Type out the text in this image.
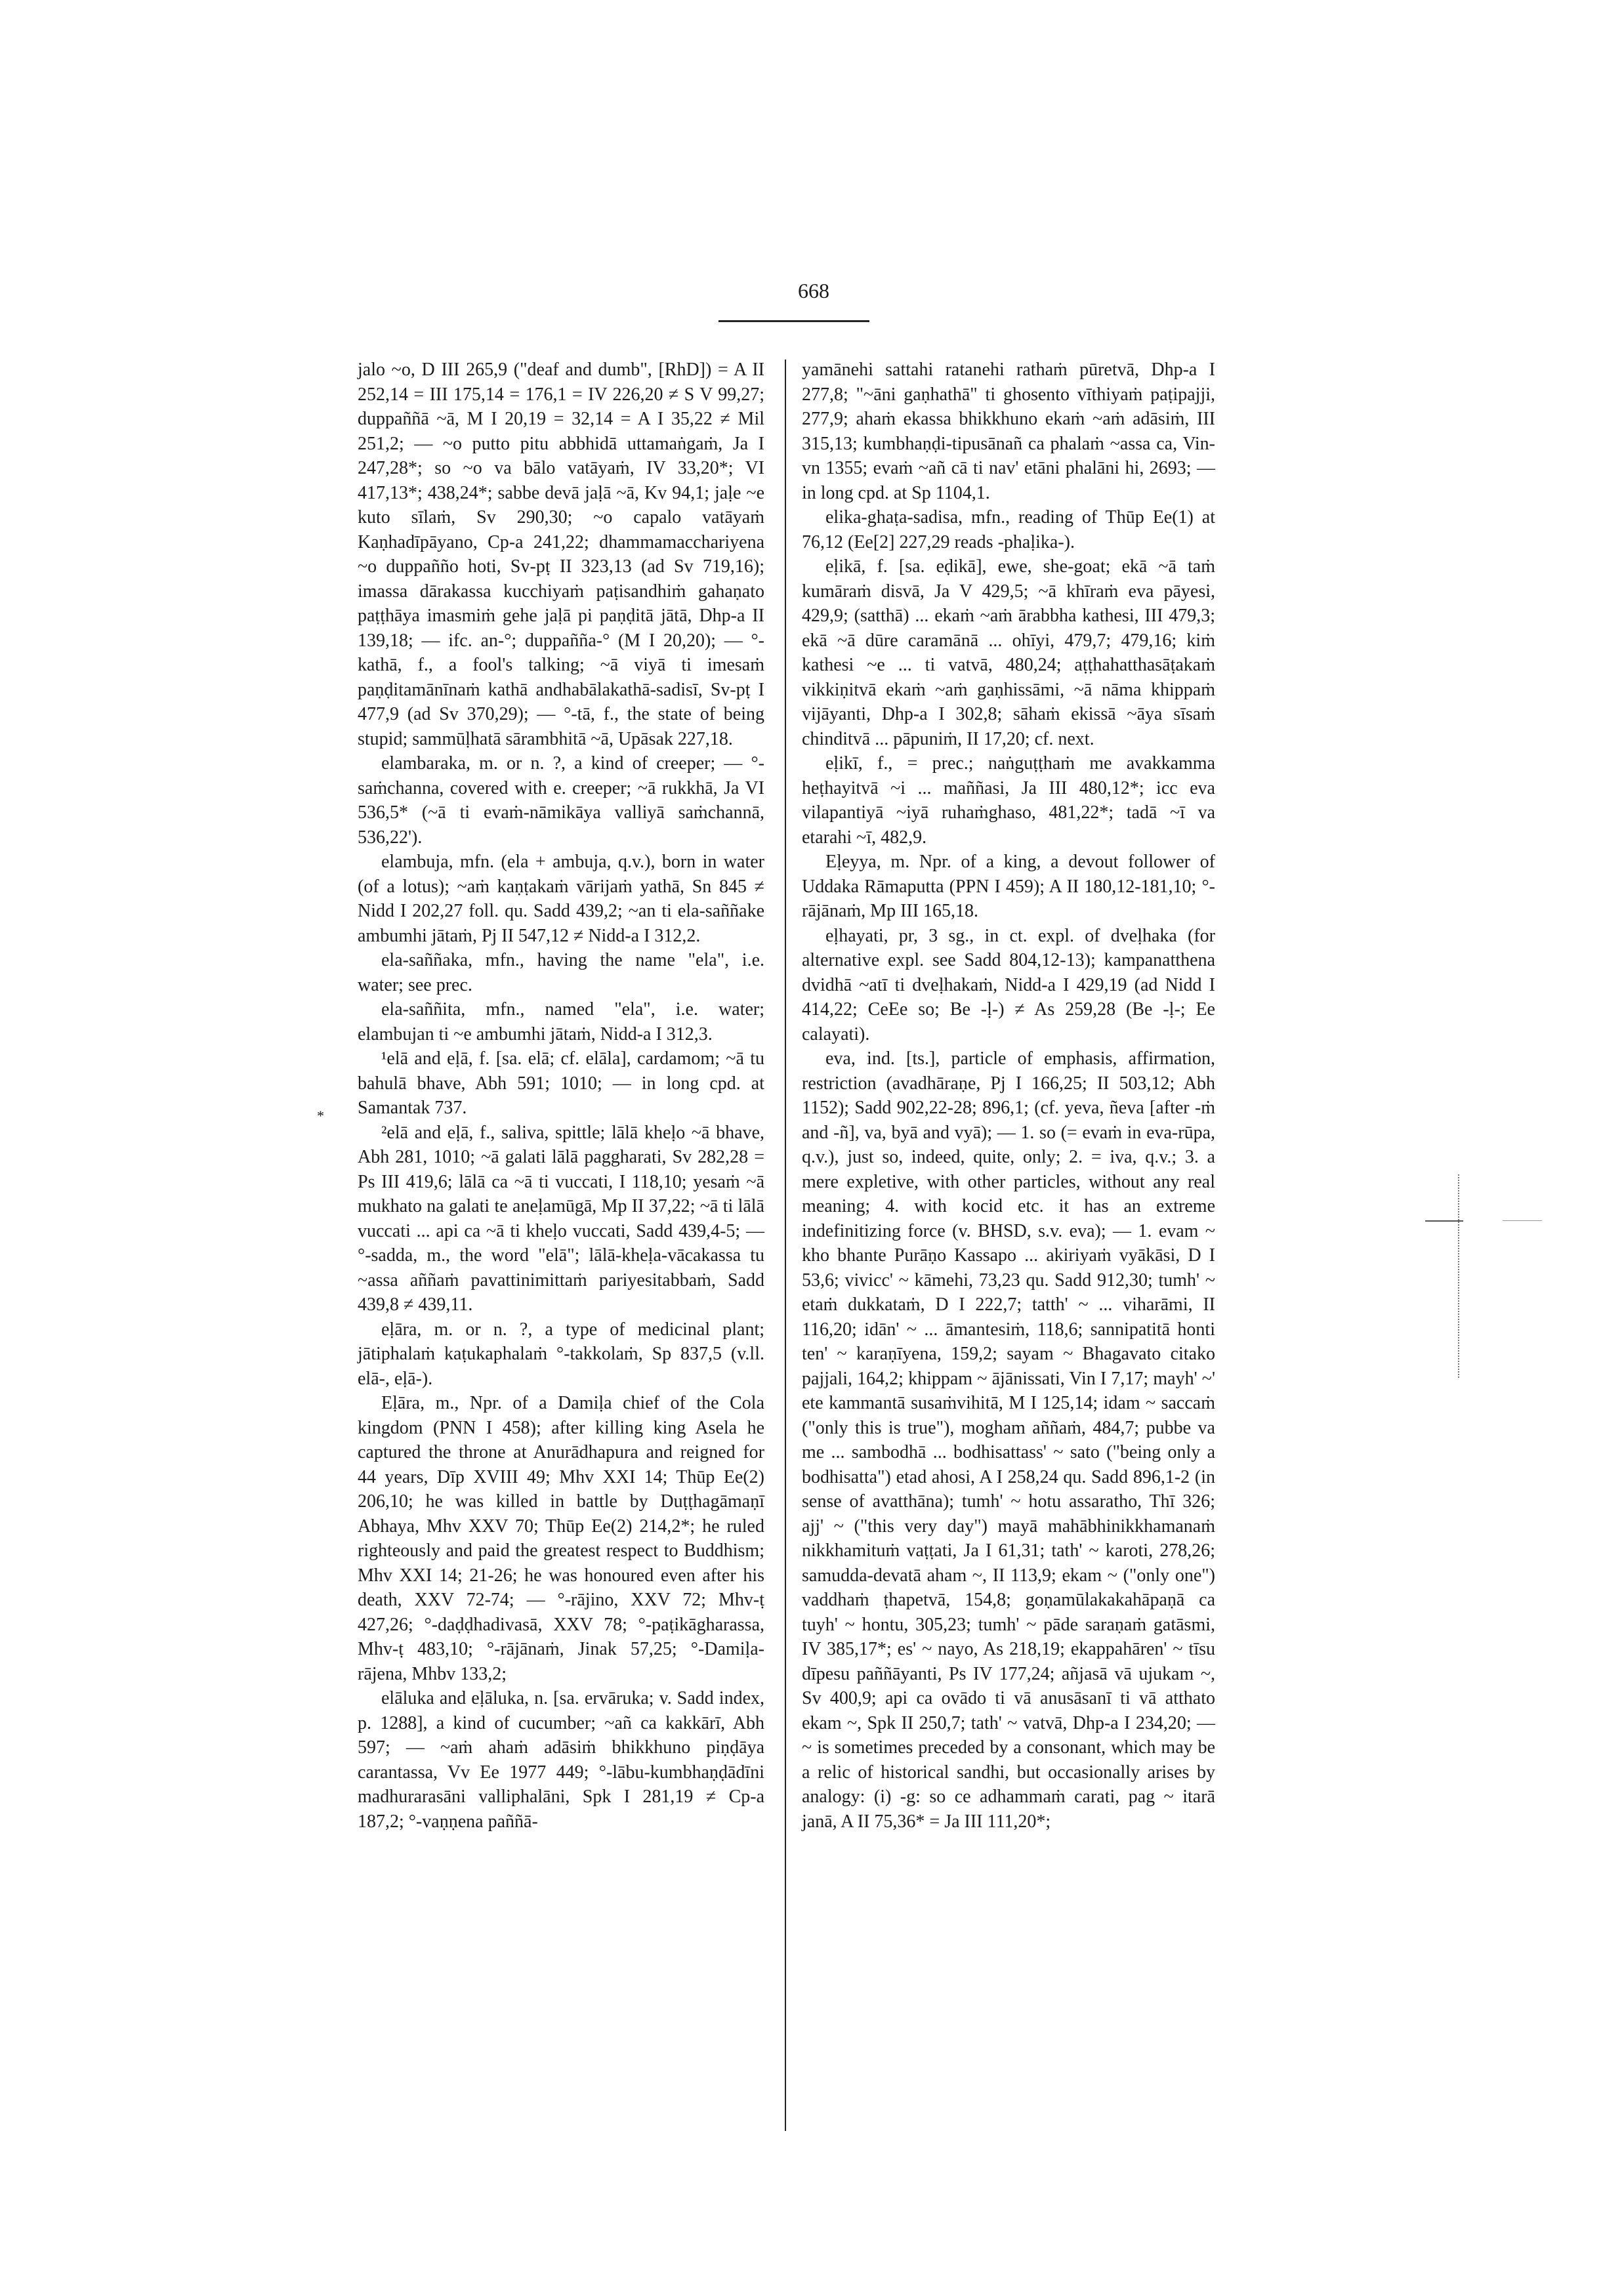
668

jalo ~o, D III 265,9 ("deaf and dumb", [RhD]) = A II 252,14 = III 175,14 = 176,1 = IV 226,20 ≠ S V 99,27; duppaññā ~ā, M I 20,19 = 32,14 = A I 35,22 ≠ Mil 251,2; — ~o putto pitu abbhidā uttamaṅgaṁ, Ja I 247,28*; so ~o va bālo vatāyaṁ, IV 33,20*; VI 417,13*; 438,24*; sabbe devā jaḷā ~ā, Kv 94,1; jaḷe ~e kuto sīlaṁ, Sv 290,30; ~o capalo vatāyaṁ Kaṇhadīpāyano, Cp-a 241,22; dhammamacchariyena ~o duppañño hoti, Sv-pṭ II 323,13 (ad Sv 719,16); imassa dārakassa kucchiyaṁ paṭisandhiṁ gahaṇato paṭṭhāya imasmiṁ gehe jaḷā pi paṇḍitā jātā, Dhp-a II 139,18; — ifc. an-°; duppañña-° (M I 20,20); — °-kathā, f., a fool's talking; ~ā viyā ti imesaṁ paṇḍitamānīnaṁ kathā andhabālakathā-sadisī, Sv-pṭ I 477,9 (ad Sv 370,29); — °-tā, f., the state of being stupid; sammūḷhatā sārambhitā ~ā, Upāsak 227,18.

elambaraka, m. or n. ?, a kind of creeper; — °-saṁchanna, covered with e. creeper; ~ā rukkhā, Ja VI 536,5* (~ā ti evaṁ-nāmikāya valliyā saṁchannā, 536,22').

elambuja, mfn. (ela + ambuja, q.v.), born in water (of a lotus); ~aṁ kaṇṭakaṁ vārijaṁ yathā, Sn 845 ≠ Nidd I 202,27 foll. qu. Sadd 439,2; ~an ti ela-saññake ambumhi jātaṁ, Pj II 547,12 ≠ Nidd-a I 312,2.

ela-saññaka, mfn., having the name "ela", i.e. water; see prec.

ela-saññita, mfn., named "ela", i.e. water; elambujan ti ~e ambumhi jātaṁ, Nidd-a I 312,3.

¹elā and eḷā, f. [sa. elā; cf. elāla], cardamom; ~ā tu bahulā bhave, Abh 591; 1010; — in long cpd. at Samantak 737.

²elā and eḷā, f., saliva, spittle; lālā kheḷo ~ā bhave, Abh 281, 1010; ~ā galati lālā paggharati, Sv 282,28 = Ps III 419,6; lālā ca ~ā ti vuccati, I 118,10; yesaṁ ~ā mukhato na galati te aneḷamūgā, Mp II 37,22; ~ā ti lālā vuccati ... api ca ~ā ti kheḷo vuccati, Sadd 439,4-5; — °-sadda, m., the word "elā"; lālā-kheḷa-vācakassa tu ~assa aññaṁ pavattinimittaṁ pariyesitabbaṁ, Sadd 439,8 ≠ 439,11.

eḷāra, m. or n. ?, a type of medicinal plant; jātiphalaṁ kaṭukaphalaṁ °-takkolaṁ, Sp 837,5 (v.ll. elā-, eḷā-).

Eḷāra, m., Npr. of a Damiḷa chief of the Cola kingdom (PNN I 458); after killing king Asela he captured the throne at Anurādhapura and reigned for 44 years, Dīp XVIII 49; Mhv XXI 14; Thūp Ee(2) 206,10; he was killed in battle by Duṭṭhagāmaṇī Abhaya, Mhv XXV 70; Thūp Ee(2) 214,2*; he ruled righteously and paid the greatest respect to Buddhism; Mhv XXI 14; 21-26; he was honoured even after his death, XXV 72-74; — °-rājino, XXV 72; Mhv-ṭ 427,26; °-daḍḍhadivasā, XXV 78; °-paṭikāgharassa, Mhv-ṭ 483,10; °-rājānaṁ, Jinak 57,25; °-Damiḷa-rājena, Mhbv 133,2;

elāluka and eḷāluka, n. [sa. ervāruka; v. Sadd index, p. 1288], a kind of cucumber; ~añ ca kakkārī, Abh 597; — ~aṁ ahaṁ adāsiṁ bhikkhuno piṇḍāya carantassa, Vv Ee 1977 449; °-lābu-kumbhaṇḍādīni madhurarasāni valliphalāni, Spk I 281,19 ≠ Cp-a 187,2; °-vaṇṇena paññā-

yamānehi sattahi ratanehi rathaṁ pūretvā, Dhp-a I 277,8; "~āni gaṇhathā" ti ghosento vīthiyaṁ paṭipajji, 277,9; ahaṁ ekassa bhikkhuno ekaṁ ~aṁ adāsiṁ, III 315,13; kumbhaṇḍi-tipusānañ ca phalaṁ ~assa ca, Vin-vn 1355; evaṁ ~añ cā ti nav' etāni phalāni hi, 2693; — in long cpd. at Sp 1104,1.

elika-ghaṭa-sadisa, mfn., reading of Thūp Ee(1) at 76,12 (Ee[2] 227,29 reads -phaḷika-).

eḷikā, f. [sa. eḍikā], ewe, she-goat; ekā ~ā taṁ kumāraṁ disvā, Ja V 429,5; ~ā khīraṁ eva pāyesi, 429,9; (satthā) ... ekaṁ ~aṁ ārabbha kathesi, III 479,3; ekā ~ā dūre caramānā ... ohīyi, 479,7; 479,16; kiṁ kathesi ~e ... ti vatvā, 480,24; aṭṭhahatthasāṭakaṁ vikkiṇitvā ekaṁ ~aṁ gaṇhissāmi, ~ā nāma khippaṁ vijāyanti, Dhp-a I 302,8; sāhaṁ ekissā ~āya sīsaṁ chinditvā ... pāpuniṁ, II 17,20; cf. next.

eḷikī, f., = prec.; naṅguṭṭhaṁ me avakkamma heṭhayitvā ~i ... maññasi, Ja III 480,12*; icc eva vilapantiyā ~iyā ruhaṁghaso, 481,22*; tadā ~ī va etarahi ~ī, 482,9.

Eḷeyya, m. Npr. of a king, a devout follower of Uddaka Rāmaputta (PPN I 459); A II 180,12-181,10; °-rājānaṁ, Mp III 165,18.

eḷhayati, pr, 3 sg., in ct. expl. of dveḷhaka (for alternative expl. see Sadd 804,12-13); kampanatthena dvidhā ~atī ti dveḷhakaṁ, Nidd-a I 429,19 (ad Nidd I 414,22; CeEe so; Be -ḷ-) ≠ As 259,28 (Be -ḷ-; Ee calayati).

eva, ind. [ts.], particle of emphasis, affirmation, restriction (avadhāraṇe, Pj I 166,25; II 503,12; Abh 1152); Sadd 902,22-28; 896,1; (cf. yeva, ñeva [after -ṁ and -ñ], va, byā and vyā); — 1. so (= evaṁ in eva-rūpa, q.v.), just so, indeed, quite, only; 2. = iva, q.v.; 3. a mere expletive, with other particles, without any real meaning; 4. with kocid etc. it has an extreme indefinitizing force (v. BHSD, s.v. eva); — 1. evam ~ kho bhante Purāṇo Kassapo ... akiriyaṁ vyākāsi, D I 53,6; vivicc' ~ kāmehi, 73,23 qu. Sadd 912,30; tumh' ~ etaṁ dukkataṁ, D I 222,7; tatth' ~ ... viharāmi, II 116,20; idān' ~ ... āmantesiṁ, 118,6; sannipatitā honti ten' ~ karaṇīyena, 159,2; sayam ~ Bhagavato citako pajjali, 164,2; khippam ~ ājānissati, Vin I 7,17; mayh' ~' ete kammantā susaṁvihitā, M I 125,14; idam ~ saccaṁ ("only this is true"), mogham aññaṁ, 484,7; pubbe va me ... sambodhā ... bodhisattass' ~ sato ("being only a bodhisatta") etad ahosi, A I 258,24 qu. Sadd 896,1-2 (in sense of avatthāna); tumh' ~ hotu assaratho, Thī 326; ajj' ~ ("this very day") mayā mahābhinikkhamanaṁ nikkhamituṁ vaṭṭati, Ja I 61,31; tath' ~ karoti, 278,26; samudda-devatā aham ~, II 113,9; ekam ~ ("only one") vaddhaṁ ṭhapetvā, 154,8; goṇamūlakakahāpaṇā ca tuyh' ~ hontu, 305,23; tumh' ~ pāde saraṇaṁ gatāsmi, IV 385,17*; es' ~ nayo, As 218,19; ekappahāren' ~ tīsu dīpesu paññāyanti, Ps IV 177,24; añjasā vā ujukam ~, Sv 400,9; api ca ovādo ti vā anusāsanī ti vā atthato ekam ~, Spk II 250,7; tath' ~ vatvā, Dhp-a I 234,20; — ~ is sometimes preceded by a consonant, which may be a relic of historical sandhi, but occasionally arises by analogy: (i) -g: so ce adhammaṁ carati, pag ~ itarā janā, A II 75,36* = Ja III 111,20*;

*
